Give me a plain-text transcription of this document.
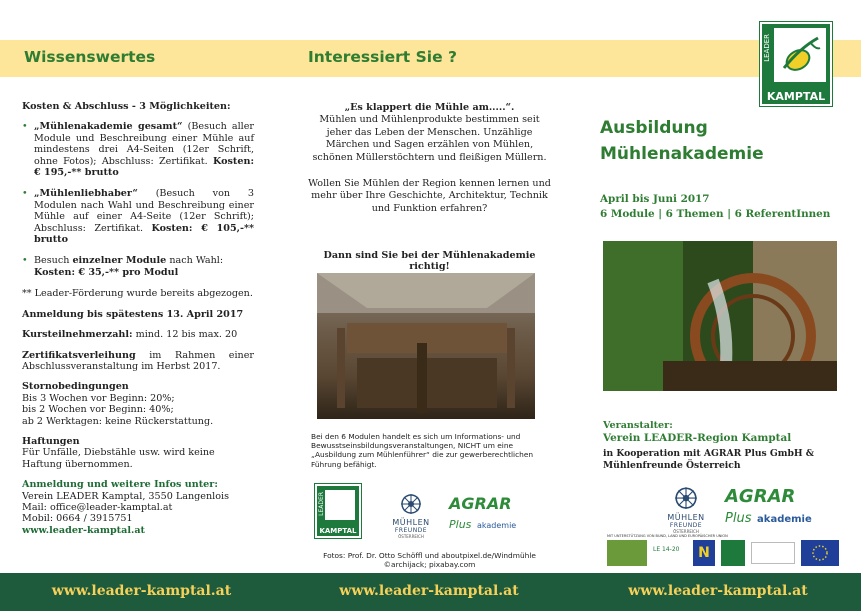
Wissenswertes

Kosten & Abschluss - 3 Möglichkeiten:

• „Mühlenakademie gesamt“ (Besuch aller Module und Beschreibung einer Mühle auf mindestens drei A4-Seiten (12er Schrift, ohne Fotos); Abschluss: Zertifikat. Kosten: € 195,-** brutto
• „Mühlenliebhaber“ (Besuch von 3 Modulen nach Wahl und Beschreibung einer Mühle auf einer A4-Seite (12er Schrift); Abschluss: Zertifikat. Kosten: € 105,-** brutto
• Besuch einzelner Module nach Wahl:
Kosten: € 35,-** pro Modul

** Leader-Förderung wurde bereits abgezogen.

Anmeldung bis spätestens 13. April 2017

Kursteilnehmerzahl: mind. 12 bis max. 20

Zertifikatsverleihung im Rahmen einer Abschlussveranstaltung im Herbst 2017.

Stornobedingungen
Bis 3 Wochen vor Beginn: 20%;
bis 2 Wochen vor Beginn: 40%;
ab 2 Werktagen: keine Rückerstattung.

Haftungen
Für Unfälle, Diebstähle usw. wird keine Haftung übernommen.

Anmeldung und weitere Infos unter:
Verein LEADER Kamptal, 3550 Langenlois
Mail: office@leader-kamptal.at
Mobil: 0664 / 3915751
www.leader-kamptal.at

www.leader-kamptal.at
Interessiert Sie ?
„Es klappert die Mühle am.....“.
Mühlen und Mühlenprodukte bestimmen seit jeher das Leben der Menschen. Unzählige Märchen und Sagen erzählen von Mühlen, schönen Müllerstöchtern und fleißigen Müllern.
Wollen Sie Mühlen der Region kennen lernen und mehr über Ihre Geschichte, Architektur, Technik und Funktion erfahren?
Dann sind Sie bei der Mühlenakademie richtig!
Bei den 6 Modulen handelt es sich um Informations- und Bewusstseinsbildungsveranstaltungen, NICHT um eine „Ausbildung zum Mühlenführer“ die zur gewerberechtlichen Führung befähigt.
LEADER
KAMPTAL
MÜHLEN
FREUNDE
ÖSTERREICH
AGRAR
Plus akademie
Fotos: Prof. Dr. Otto Schöffl und aboutpixel.de/Windmühle
©archijack; pixabay.com
www.leader-kamptal.at
LEADER
KAMPTAL
Ausbildung
Mühlenakademie
April bis Juni 2017
6 Module | 6 Themen | 6 ReferentInnen
Veranstalter:
Verein LEADER-Region Kamptal
in Kooperation mit AGRAR Plus GmbH & Mühlenfreunde Österreich
MÜHLEN
FREUNDE
ÖSTERREICH
AGRAR
Plus akademie
MIT UNTERSTÜTZUNG VON BUND, LAND UND EUROPÄISCHER UNION
LE 14-20	N
www.leader-kamptal.at
